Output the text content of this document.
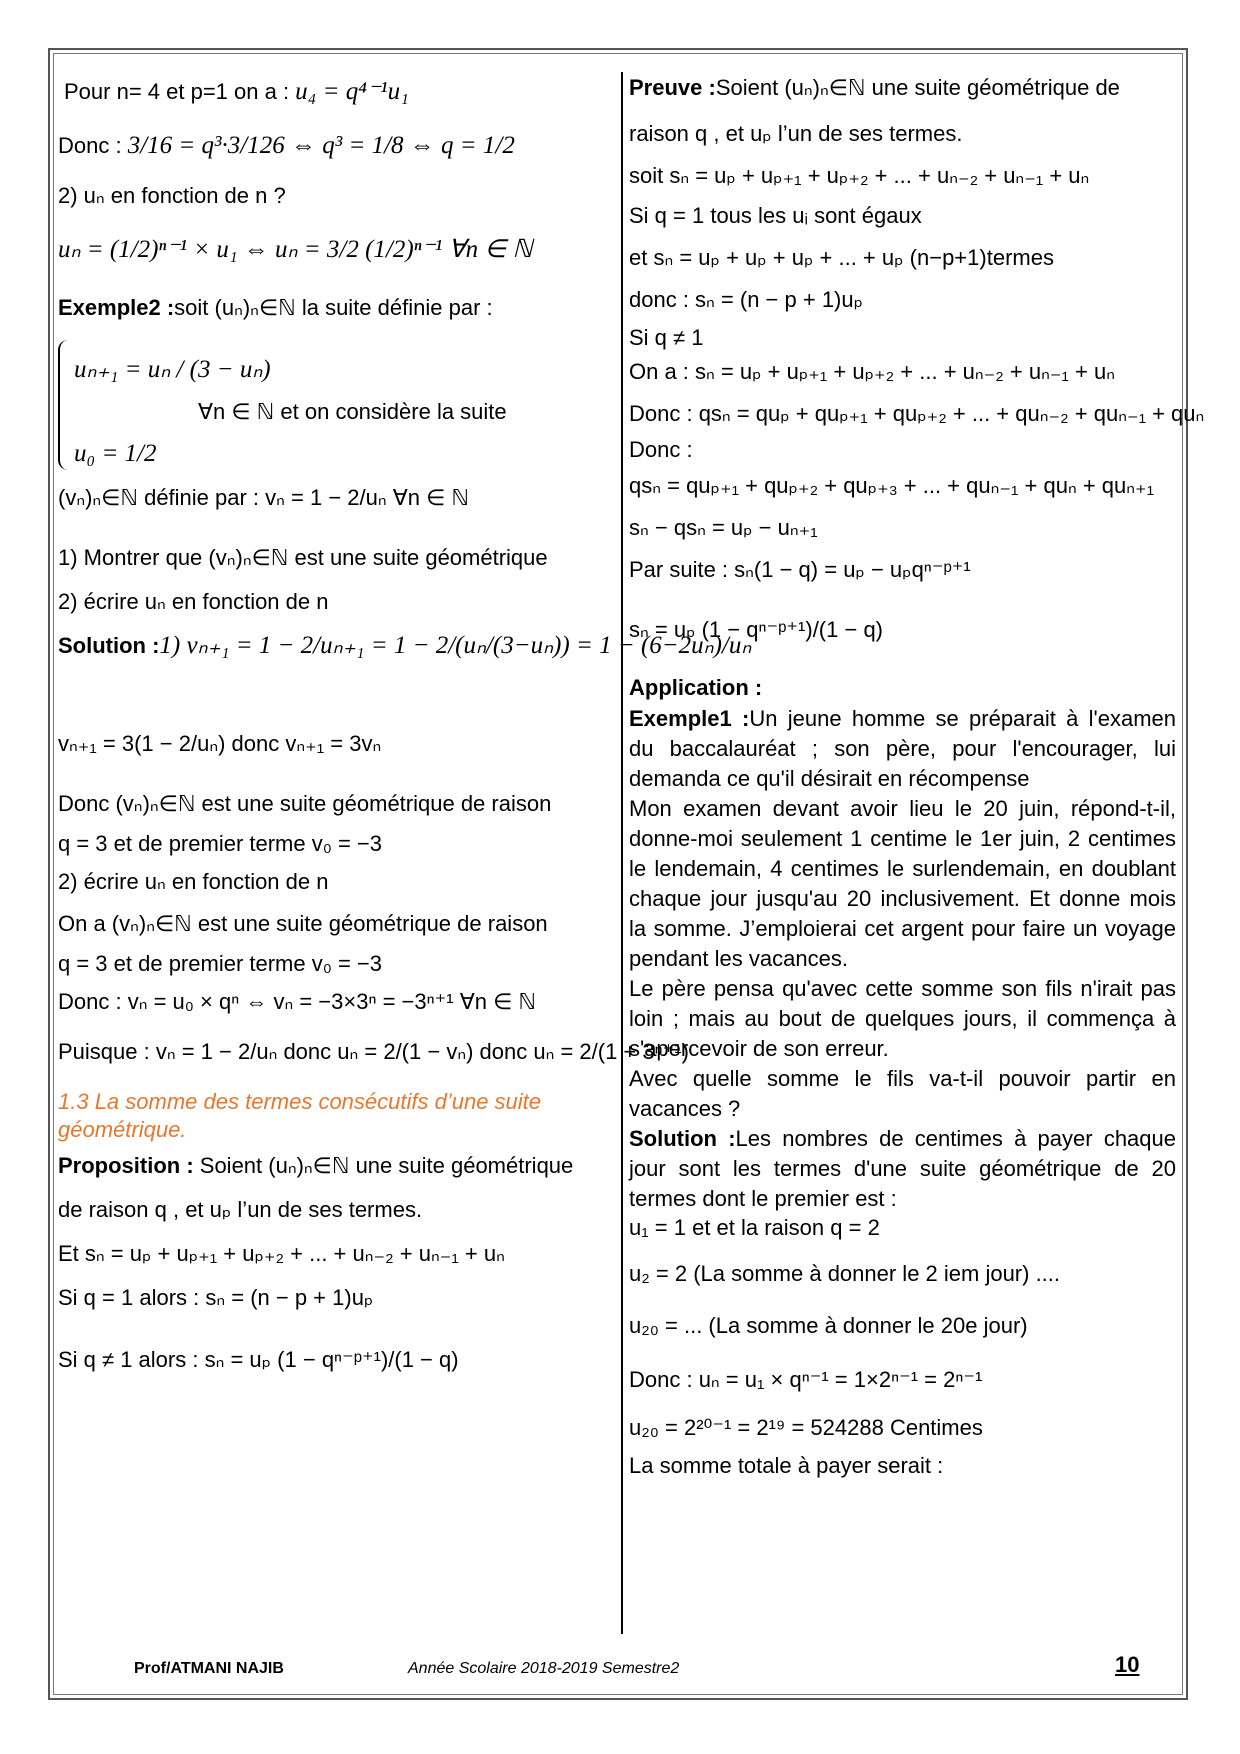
Pour n= 4 et p=1 on a : u₄ = q⁴⁻¹u₁
Donc : 3/16 = q³·3/126 ⇔ q³ = 1/8 ⇔ q = 1/2
2) uₙ en fonction de n ?
uₙ = (1/2)ⁿ⁻¹ × u₁ ⇔ uₙ = 3/2 (1/2)ⁿ⁻¹ ∀n ∈ ℕ
Exemple2 :soit (uₙ)ₙ∈ℕ la suite définie par :
uₙ₊₁ = uₙ / (3 − uₙ)
∀n ∈ ℕ et on considère la suite
u₀ = 1/2
(vₙ)ₙ∈ℕ définie par : vₙ = 1 − 2/uₙ ∀n ∈ ℕ
1) Montrer que (vₙ)ₙ∈ℕ est une suite géométrique
2) écrire uₙ en fonction de n
Solution :1) vₙ₊₁ = 1 − 2/uₙ₊₁ = 1 − 2/(uₙ/(3−uₙ)) = 1 − (6−2uₙ)/uₙ
vₙ₊₁ = 3(1 − 2/uₙ) donc vₙ₊₁ = 3vₙ
Donc (vₙ)ₙ∈ℕ est une suite géométrique de raison
q = 3 et de premier terme v₀ = −3
2) écrire uₙ en fonction de n
On a (vₙ)ₙ∈ℕ est une suite géométrique de raison
q = 3 et de premier terme v₀ = −3
Donc : vₙ = u₀ × qⁿ ⇔ vₙ = −3×3ⁿ = −3ⁿ⁺¹ ∀n ∈ ℕ
Puisque : vₙ = 1 − 2/uₙ donc uₙ = 2/(1 − vₙ) donc uₙ = 2/(1 + 3ⁿ⁺¹)
1.3 La somme des termes consécutifs d’une suite
géométrique.
Proposition : Soient (uₙ)ₙ∈ℕ une suite géométrique
de raison q , et uₚ l’un de ses termes.
Et sₙ = uₚ + uₚ₊₁ + uₚ₊₂ + ... + uₙ₋₂ + uₙ₋₁ + uₙ
Si q = 1 alors : sₙ = (n − p + 1)uₚ
Si q ≠ 1 alors : sₙ = uₚ (1 − qⁿ⁻ᵖ⁺¹)/(1 − q)
Preuve :Soient (uₙ)ₙ∈ℕ une suite géométrique de
raison q , et uₚ l’un de ses termes.
soit sₙ = uₚ + uₚ₊₁ + uₚ₊₂ + ... + uₙ₋₂ + uₙ₋₁ + uₙ
Si q = 1 tous les uᵢ sont égaux
et sₙ = uₚ + uₚ + uₚ + ... + uₚ (n−p+1)termes
donc : sₙ = (n − p + 1)uₚ
Si q ≠ 1
On a : sₙ = uₚ + uₚ₊₁ + uₚ₊₂ + ... + uₙ₋₂ + uₙ₋₁ + uₙ
Donc : qsₙ = quₚ + quₚ₊₁ + quₚ₊₂ + ... + quₙ₋₂ + quₙ₋₁ + quₙ
Donc :
qsₙ = quₚ₊₁ + quₚ₊₂ + quₚ₊₃ + ... + quₙ₋₁ + quₙ + quₙ₊₁
sₙ − qsₙ = uₚ − uₙ₊₁
Par suite : sₙ(1 − q) = uₚ − uₚqⁿ⁻ᵖ⁺¹
sₙ = uₚ (1 − qⁿ⁻ᵖ⁺¹)/(1 − q)
Application :
Exemple1 :Un jeune homme se préparait à l'examen du baccalauréat ; son père, pour l'encourager, lui demanda ce qu'il désirait en récompense
Mon examen devant avoir lieu le 20 juin, répond-t-il, donne-moi seulement 1 centime le 1er juin, 2 centimes le lendemain, 4 centimes le surlendemain, en doublant chaque jour jusqu'au 20 inclusivement. Et donne mois la somme. J’emploierai cet argent pour faire un voyage pendant les vacances.
Le père pensa qu'avec cette somme son fils n'irait pas loin ; mais au bout de quelques jours, il commença à s'apercevoir de son erreur.
Avec quelle somme le fils va-t-il pouvoir partir en vacances ?
Solution :Les nombres de centimes à payer chaque jour sont les termes d'une suite géométrique de 20 termes dont le premier est :
u₁ = 1 et et la raison q = 2
u₂ = 2 (La somme à donner le 2 iem jour) ....
u₂₀ = ... (La somme à donner le 20e jour)
Donc : uₙ = u₁ × qⁿ⁻¹ = 1×2ⁿ⁻¹ = 2ⁿ⁻¹
u₂₀ = 2²⁰⁻¹ = 2¹⁹ = 524288 Centimes
La somme totale à payer serait :
Prof/ATMANI NAJIB	Année Scolaire 2018-2019 Semestre2	10
